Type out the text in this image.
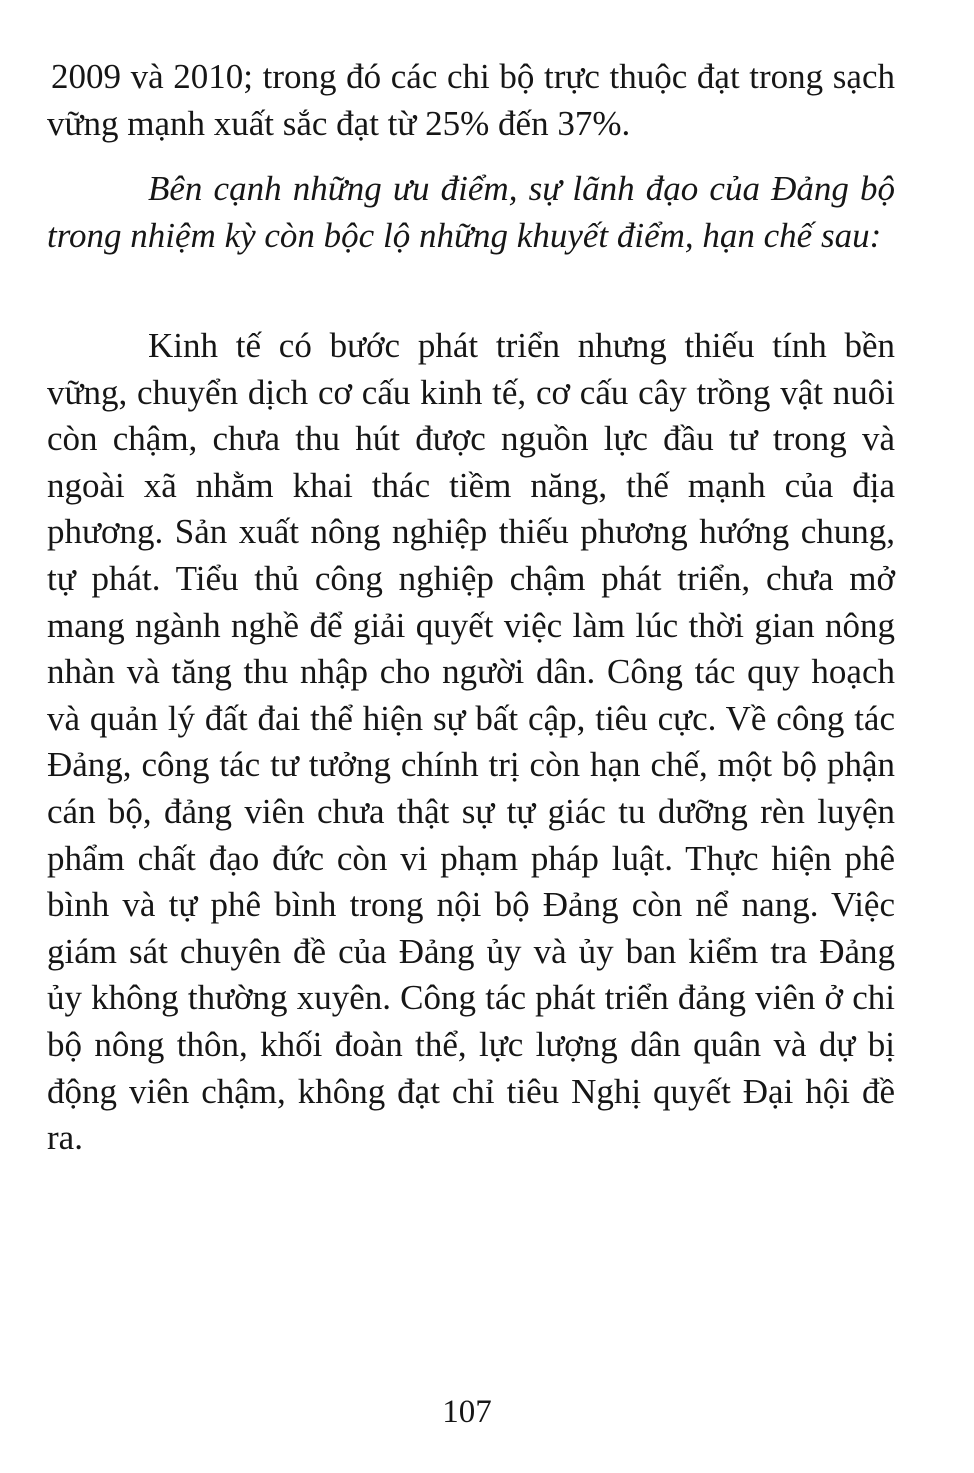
2009 và 2010; trong đó các chi bộ trực thuộc đạt trong sạch vững mạnh xuất sắc đạt từ 25% đến 37%.

Bên cạnh những ưu điểm, sự lãnh đạo của Đảng bộ trong nhiệm kỳ còn bộc lộ những khuyết điểm, hạn chế sau:

Kinh tế có bước phát triển nhưng thiếu tính bền vững, chuyển dịch cơ cấu kinh tế, cơ cấu cây trồng vật nuôi còn chậm, chưa thu hút được nguồn lực đầu tư trong và ngoài xã nhằm khai thác tiềm năng, thế mạnh của địa phương. Sản xuất nông nghiệp thiếu phương hướng chung, tự phát. Tiểu thủ công nghiệp chậm phát triển, chưa mở mang ngành nghề để giải quyết việc làm lúc thời gian nông nhàn và tăng thu nhập cho người dân. Công tác quy hoạch và quản lý đất đai thể hiện sự bất cập, tiêu cực. Về công tác Đảng, công tác tư tưởng chính trị còn hạn chế, một bộ phận cán bộ, đảng viên chưa thật sự tự giác tu dưỡng rèn luyện phẩm chất đạo đức còn vi phạm pháp luật. Thực hiện phê bình và tự phê bình trong nội bộ Đảng còn nể nang. Việc giám sát chuyên đề của Đảng ủy và ủy ban kiểm tra Đảng ủy không thường xuyên. Công tác phát triển đảng viên ở chi bộ nông thôn, khối đoàn thể, lực lượng dân quân và dự bị động viên chậm, không đạt chỉ tiêu Nghị quyết Đại hội đề ra.

107
